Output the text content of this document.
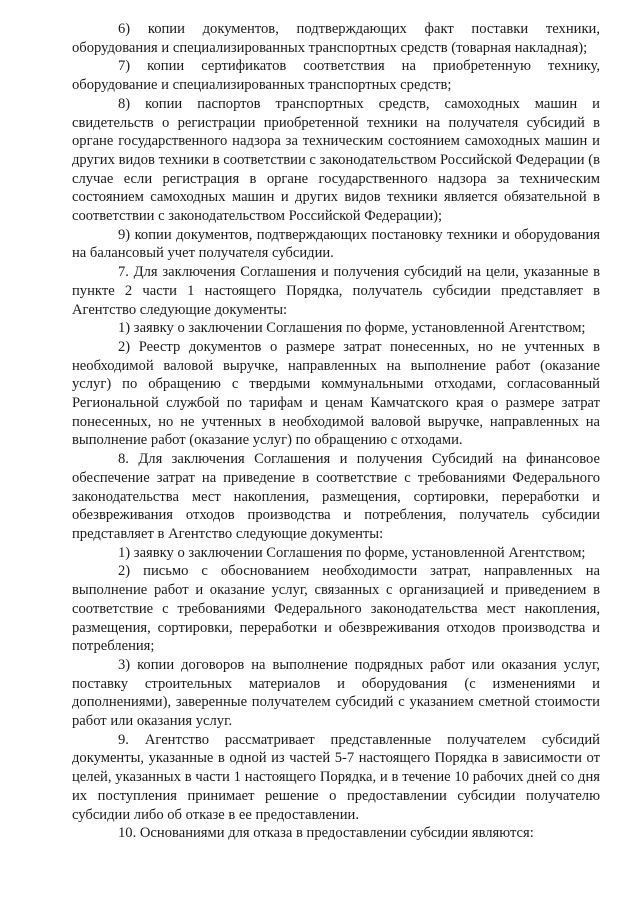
6) копии документов, подтверждающих факт поставки техники, оборудования и специализированных транспортных средств (товарная накладная);

7) копии сертификатов соответствия на приобретенную технику, оборудование и специализированных транспортных средств;

8) копии паспортов транспортных средств, самоходных машин и свидетельств о регистрации приобретенной техники на получателя субсидий в органе государственного надзора за техническим состоянием самоходных машин и других видов техники в соответствии с законодательством Российской Федерации (в случае если регистрация в органе государственного надзора за техническим состоянием самоходных машин и других видов техники является обязательной в соответствии с законодательством Российской Федерации);

9) копии документов, подтверждающих постановку техники и оборудования на балансовый учет получателя субсидии.

7. Для заключения Соглашения и получения субсидий на цели, указанные в пункте 2 части 1 настоящего Порядка, получатель субсидии представляет в Агентство следующие документы:

1) заявку о заключении Соглашения по форме, установленной Агентством;

2) Реестр документов о размере затрат понесенных, но не учтенных в необходимой валовой выручке, направленных на выполнение работ (оказание услуг) по обращению с твердыми коммунальными отходами, согласованный Региональной службой по тарифам и ценам Камчатского края о размере затрат понесенных, но не учтенных в необходимой валовой выручке, направленных на выполнение работ (оказание услуг) по обращению с отходами.

8. Для заключения Соглашения и получения Субсидий на финансовое обеспечение затрат на приведение в соответствие с требованиями Федерального законодательства мест накопления, размещения, сортировки, переработки и обезвреживания отходов производства и потребления, получатель субсидии представляет в Агентство следующие документы:

1) заявку о заключении Соглашения по форме, установленной Агентством;

2) письмо с обоснованием необходимости затрат, направленных на выполнение работ и оказание услуг, связанных с организацией и приведением в соответствие с требованиями Федерального законодательства мест накопления, размещения, сортировки, переработки и обезвреживания отходов производства и потребления;

3) копии договоров на выполнение подрядных работ или оказания услуг, поставку строительных материалов и оборудования (с изменениями и дополнениями), заверенные получателем субсидий с указанием сметной стоимости работ или оказания услуг.

9. Агентство рассматривает представленные получателем субсидий документы, указанные в одной из частей 5-7 настоящего Порядка в зависимости от целей, указанных в части 1 настоящего Порядка, и в течение 10 рабочих дней со дня их поступления принимает решение о предоставлении субсидии получателю субсидии либо об отказе в ее предоставлении.

10. Основаниями для отказа в предоставлении субсидии являются:
